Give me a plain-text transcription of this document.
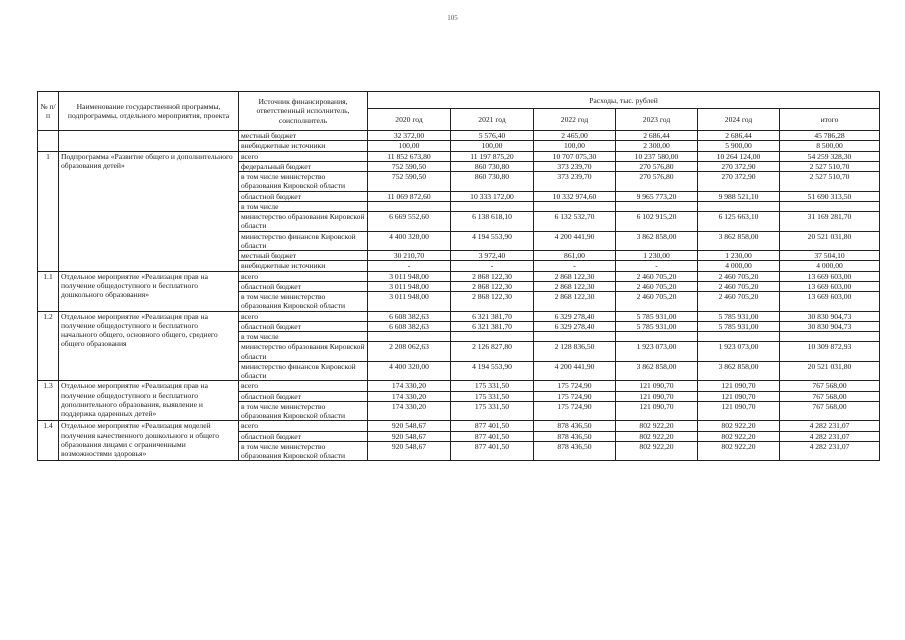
105
№ п/п	Наименование государственной программы, подпрограммы, отдельного мероприятия, проекта	Источник финансирования, ответственный исполнитель, соисполнитель	Расходы, тыс. рублей					
			2020 год	2021 год	2022 год	2023 год	2024 год	итого
		местный бюджет	32 372,00	5 576,40	2 465,00	2 686,44	2 686,44	45 786,28
		внебюджетные источники	100,00	100,00	100,00	2 300,00	5 900,00	8 500,00
1	Подпрограмма «Развитие общего и дополнительного образования детей»	всего	11 852 673,80	11 197 875,20	10 707 075,30	10 237 580,00	10 264 124,00	54 259 328,30
		федеральный бюджет	752 590,50	860 730,80	373 239,70	270 576,80	270 372,90	2 527 510,70
		в том числе министерство образования Кировской области	752 590,50	860 730,80	373 239,70	270 576,80	270 372,90	2 527 510,70
		областной бюджет	11 069 872,60	10 333 172,00	10 332 974,60	9 965 773,20	9 988 521,10	51 690 313,50
		в том числе						
		министерство образования Кировской области	6 669 552,60	6 138 618,10	6 132 532,70	6 102 915,20	6 125 663,10	31 169 281,70
		министерство финансов Кировской области	4 400 320,00	4 194 553,90	4 200 441,90	3 862 858,00	3 862 858,00	20 521 031,80
		местный бюджет	30 210,70	3 972,40	861,00	1 230,00	1 230,00	37 504,10
		внебюджетные источники	-	-	-	-	4 000,00	4 000,00
1.1	Отдельное мероприятие «Реализация прав на получение общедоступного и бесплатного дошкольного образования»	всего	3 011 948,00	2 868 122,30	2 868 122,30	2 460 705,20	2 460 705,20	13 669 603,00
		областной бюджет	3 011 948,00	2 868 122,30	2 868 122,30	2 460 705,20	2 460 705,20	13 669 603,00
		в том числе министерство образования Кировской области	3 011 948,00	2 868 122,30	2 868 122,30	2 460 705,20	2 460 705,20	13 669 603,00
1.2	Отдельное мероприятие «Реализация прав на получение общедоступного и бесплатного начального общего, основного общего, среднего общего образования	всего	6 608 382,63	6 321 381,70	6 329 278,40	5 785 931,00	5 785 931,00	30 830 904,73
		областной бюджет	6 608 382,63	6 321 381,70	6 329 278,40	5 785 931,00	5 785 931,00	30 830 904,73
		в том числе						
		министерство образования Кировской области	2 208 062,63	2 126 827,80	2 128 836,50	1 923 073,00	1 923 073,00	10 309 872,93
		министерство финансов Кировской области	4 400 320,00	4 194 553,90	4 200 441,90	3 862 858,00	3 862 858,00	20 521 031,80
1.3	Отдельное мероприятие «Реализация прав на получение общедоступного и бесплатного дополнительного образования, выявление и поддержка одаренных детей»	всего	174 330,20	175 331,50	175 724,90	121 090,70	121 090,70	767 568,00
		областной бюджет	174 330,20	175 331,50	175 724,90	121 090,70	121 090,70	767 568,00
		в том числе министерство образования Кировской области	174 330,20	175 331,50	175 724,90	121 090,70	121 090,70	767 568,00
1.4	Отдельное мероприятие «Реализация моделей получения качественного дошкольного и общего образования лицами с ограниченными возможностями здоровья»	всего	920 548,67	877 401,50	878 436,50	802 922,20	802 922,20	4 282 231,07
		областной бюджет	920 548,67	877 401,50	878 436,50	802 922,20	802 922,20	4 282 231,07
		в том числе министерство образования Кировской области	920 548,67	877 401,50	878 436,50	802 922,20	802 922,20	4 282 231,07
